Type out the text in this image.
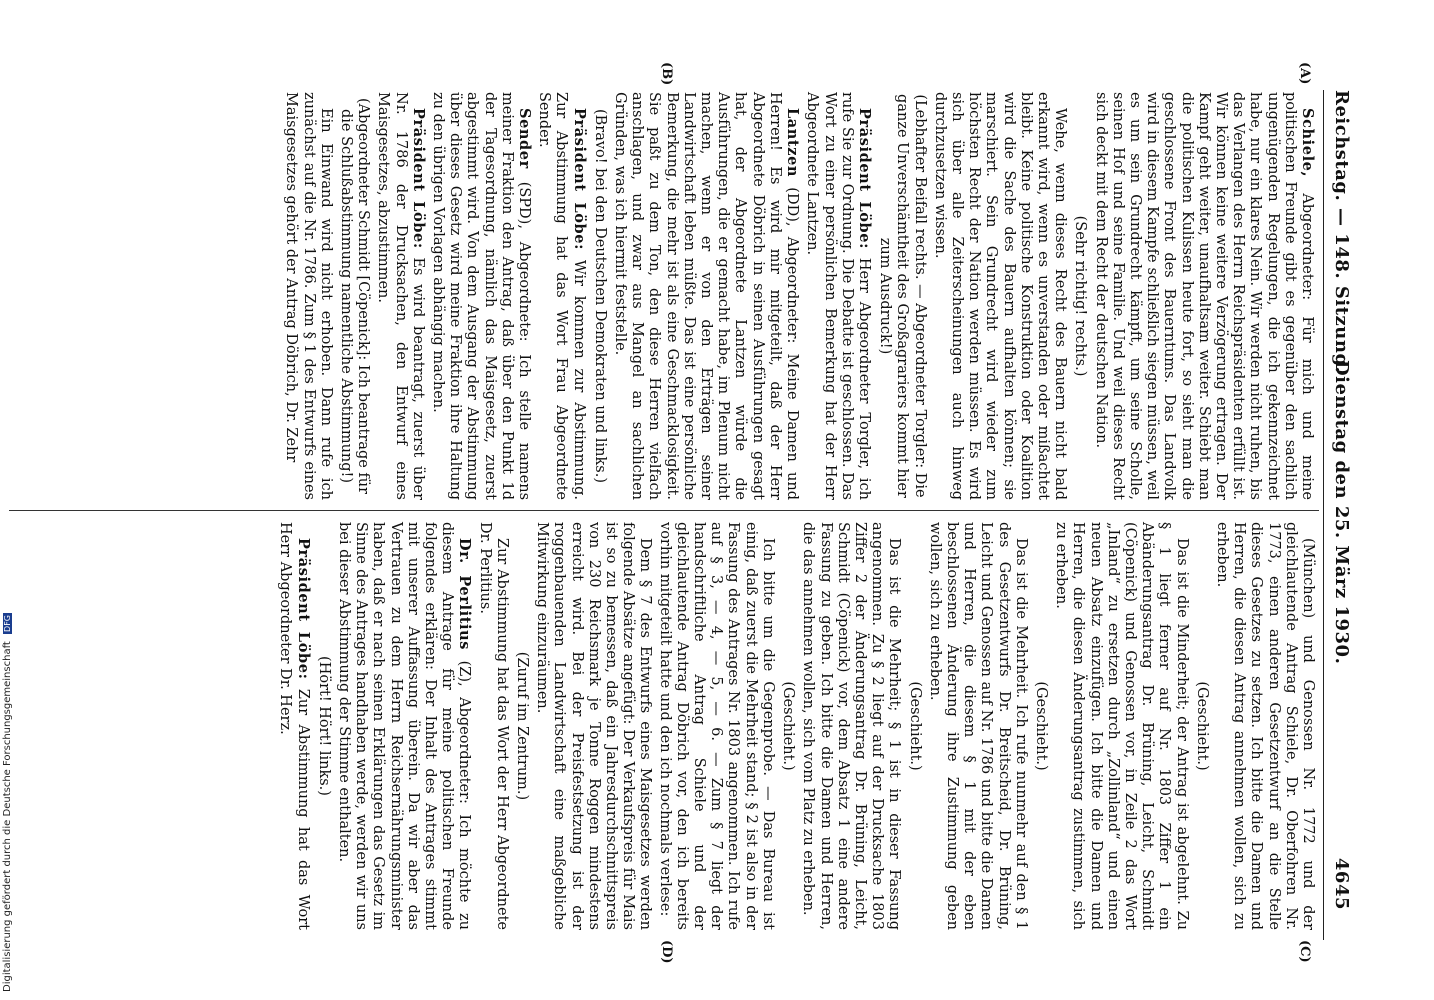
Reichstag. — 148. Sitzung.
Dienstag den 25. März 1930.
4645
(A)
(B)
(C)
(D)

Schiele, Abgeordneter: Für mich und meine politischen Freunde gibt es gegenüber den sachlich ungenügenden Regelungen, die ich gekennzeichnet habe, nur ein klares Nein. Wir werden nicht ruhen, bis das Verlangen des Herrn Reichspräsidenten erfüllt ist. Wir können keine weitere Verzögerung ertragen. Der Kampf geht weiter, unaufhaltsam weiter. Schiebt man die politischen Kulissen heute fort, so sieht man die geschlossene Front des Bauerntums. Das Landvolk wird in diesem Kampfe schließlich siegen müssen, weil es um sein Grundrecht kämpft, um seine Scholle, seinen Hof und seine Familie. Und weil dieses Recht sich deckt mit dem Recht der deutschen Nation.

(Sehr richtig! rechts.)

Wehe, wenn dieses Recht des Bauern nicht bald erkannt wird, wenn es unverstanden oder mißachtet bleibt. Keine politische Konstruktion oder Koalition wird die Sache des Bauern aufhalten können; sie marschiert. Sein Grundrecht wird wieder zum höchsten Recht der Nation werden müssen. Es wird sich über alle Zeiterscheinungen auch hinweg durchzusetzen wissen.

(Lebhafter Beifall rechts. — Abgeordneter Torgler: Die ganze Unverschämtheit des Großagrariers kommt hier zum Ausdruck!)

Präsident Löbe: Herr Abgeordneter Torgler, ich rufe Sie zur Ordnung. Die Debatte ist geschlossen. Das Wort zu einer persönlichen Bemerkung hat der Herr Abgeordnete Lantzen.

Lantzen (DD), Abgeordneter: Meine Damen und Herren! Es wird mir mitgeteilt, daß der Herr Abgeordnete Döbrich in seinen Ausführungen gesagt hat, der Abgeordnete Lantzen würde die Ausführungen, die er gemacht habe, im Plenum nicht machen, wenn er von den Erträgen seiner Landwirtschaft leben müßte. Das ist eine persönliche Bemerkung, die mehr ist als eine Geschmacklosigkeit. Sie paßt zu dem Ton, den diese Herren vielfach anschlagen, und zwar aus Mangel an sachlichen Gründen, was ich hiermit feststelle.

(Bravo! bei den Deutschen Demokraten und links.)

Präsident Löbe: Wir kommen zur Abstimmung. Zur Abstimmung hat das Wort Frau Abgeordnete Sender.

Sender (SPD), Abgeordnete: Ich stelle namens meiner Fraktion den Antrag, daß über den Punkt 1d der Tagesordnung, nämlich das Maisgesetz, zuerst abgestimmt wird. Von dem Ausgang der Abstimmung über dieses Gesetz wird meine Fraktion ihre Haltung zu den übrigen Vorlagen abhängig machen.

Präsident Löbe: Es wird beantragt, zuerst über Nr. 1786 der Drucksachen, den Entwurf eines Maisgesetzes, abzustimmen.

(Abgeordneter Schmidt [Cöpenick]: Ich beantrage für die Schlußabstimmung namentliche Abstimmung!)

Ein Einwand wird nicht erhoben. Dann rufe ich zunächst auf die Nr. 1786. Zum § 1 des Entwurfs eines Maisgesetzes gehört der Antrag Döbrich, Dr. Zehr

(München) und Genossen Nr. 1772 und der gleichlautende Antrag Schiele, Dr. Oberfohren Nr. 1773, einen anderen Gesetzentwurf an die Stelle dieses Gesetzes zu setzen. Ich bitte die Damen und Herren, die diesen Antrag annehmen wollen, sich zu erheben.

(Geschieht.)

Das ist die Minderheit; der Antrag ist abgelehnt. Zu § 1 liegt ferner auf Nr. 1803 Ziffer 1 ein Abänderungsantrag Dr. Brüning, Leicht, Schmidt (Cöpenick) und Genossen vor, in Zeile 2 das Wort „Inland“ zu ersetzen durch „Zollinland“ und einen neuen Absatz einzufügen. Ich bitte die Damen und Herren, die diesen Änderungsantrag zustimmen, sich zu erheben.

(Geschieht.)

Das ist die Mehrheit. Ich rufe nunmehr auf den § 1 des Gesetzentwurfs Dr. Breitscheid, Dr. Brüning, Leicht und Genossen auf Nr. 1786 und bitte die Damen und Herren, die diesem § 1 mit der eben beschlossenen Änderung ihre Zustimmung geben wollen, sich zu erheben.

(Geschieht.)

Das ist die Mehrheit; § 1 ist in dieser Fassung angenommen. Zu § 2 liegt auf der Drucksache 1803 Ziffer 2 der Änderungsantrag Dr. Brüning, Leicht, Schmidt (Cöpenick) vor, dem Absatz 1 eine andere Fassung zu geben. Ich bitte die Damen und Herren, die das annehmen wollen, sich vom Platz zu erheben.

(Geschieht.)

Ich bitte um die Gegenprobe. — Das Bureau ist einig, daß zuerst die Mehrheit stand; § 2 ist also in der Fassung des Antrages Nr. 1803 angenommen. Ich rufe auf § 3, — 4, — 5, — 6. — Zum § 7 liegt der handschriftliche Antrag Schiele und der gleichlautende Antrag Döbrich vor, den ich bereits vorhin mitgeteilt hatte und den ich nochmals verlese:

Dem § 7 des Entwurfs eines Maisgesetzes werden folgende Absätze angefügt: Der Verkaufspreis für Mais ist so zu bemessen, daß ein Jahresdurchschnittspreis von 230 Reichsmark je Tonne Roggen mindestens erreicht wird. Bei der Preisfestsetzung ist der roggenbauenden Landwirtschaft eine maßgebliche Mitwirkung einzuräumen.

(Zuruf im Zentrum.)

Zur Abstimmung hat das Wort der Herr Abgeordnete Dr. Perlitius.

Dr. Perlitius (Z), Abgeordneter: Ich möchte zu diesem Antrage für meine politischen Freunde folgendes erklären: Der Inhalt des Antrages stimmt mit unserer Auffassung überein. Da wir aber das Vertrauen zu dem Herrn Reichsernährungsminister haben, daß er nach seinen Erklärungen das Gesetz im Sinne des Antrages handhaben werde, werden wir uns bei dieser Abstimmung der Stimme enthalten.

(Hört! Hört! links.)

Präsident Löbe: Zur Abstimmung hat das Wort Herr Abgeordneter Dr. Herz.

Digitalisierung gefördert durch die Deutsche Forschungsgemeinschaft DFG
